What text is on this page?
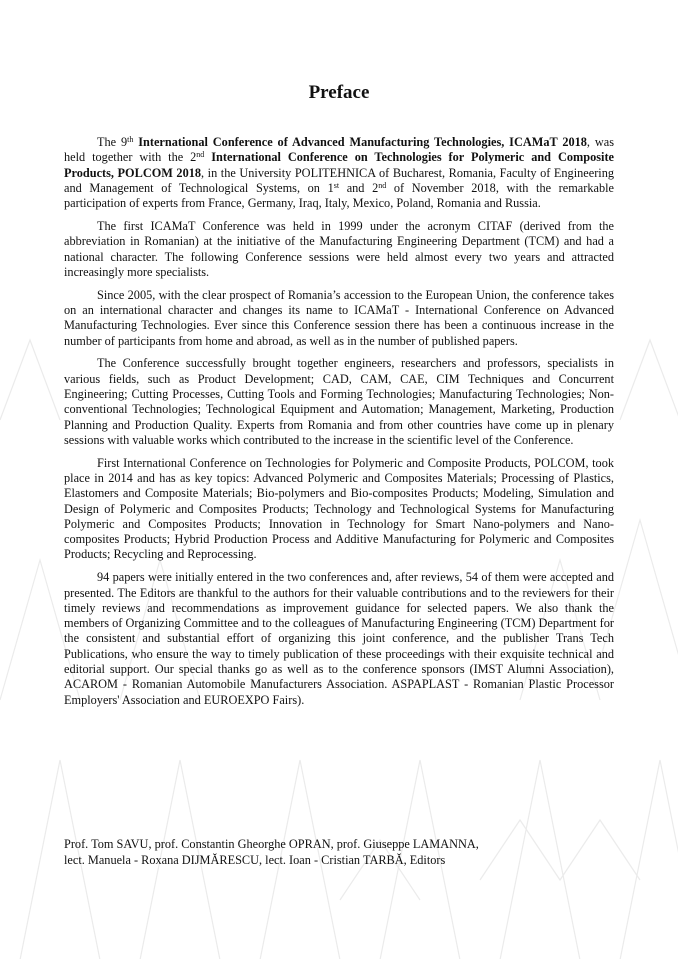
Preface

The 9th International Conference of Advanced Manufacturing Technologies, ICAMaT 2018, was held together with the 2nd International Conference on Technologies for Polymeric and Composite Products, POLCOM 2018, in the University POLITEHNICA of Bucharest, Romania, Faculty of Engineering and Management of Technological Systems, on 1st and 2nd of November 2018, with the remarkable participation of experts from France, Germany, Iraq, Italy, Mexico, Poland, Romania and Russia.

The first ICAMaT Conference was held in 1999 under the acronym CITAF (derived from the abbreviation in Romanian) at the initiative of the Manufacturing Engineering Department (TCM) and had a national character. The following Conference sessions were held almost every two years and attracted increasingly more specialists.

Since 2005, with the clear prospect of Romania’s accession to the European Union, the conference takes on an international character and changes its name to ICAMaT - International Conference on Advanced Manufacturing Technologies. Ever since this Conference session there has been a continuous increase in the number of participants from home and abroad, as well as in the number of published papers.

The Conference successfully brought together engineers, researchers and professors, specialists in various fields, such as Product Development; CAD, CAM, CAE, CIM Techniques and Concurrent Engineering; Cutting Processes, Cutting Tools and Forming Technologies; Manufacturing Technologies; Non-conventional Technologies; Technological Equipment and Automation; Management, Marketing, Production Planning and Production Quality. Experts from Romania and from other countries have come up in plenary sessions with valuable works which contributed to the increase in the scientific level of the Conference.

First International Conference on Technologies for Polymeric and Composite Products, POLCOM, took place in 2014 and has as key topics: Advanced Polymeric and Composites Materials; Processing of Plastics, Elastomers and Composite Materials; Bio-polymers and Bio-composites Products; Modeling, Simulation and Design of Polymeric and Composites Products; Technology and Technological Systems for Manufacturing Polymeric and Composites Products; Innovation in Technology for Smart Nano-polymers and Nano-composites Products; Hybrid Production Process and Additive Manufacturing for Polymeric and Composites Products; Recycling and Reprocessing.

94 papers were initially entered in the two conferences and, after reviews, 54 of them were accepted and presented. The Editors are thankful to the authors for their valuable contributions and to the reviewers for their timely reviews and recommendations as improvement guidance for selected papers. We also thank the members of Organizing Committee and to the colleagues of Manufacturing Engineering (TCM) Department for the consistent and substantial effort of organizing this joint conference, and the publisher Trans Tech Publications, who ensure the way to timely publication of these proceedings with their exquisite technical and editorial support. Our special thanks go as well as to the conference sponsors (IMST Alumni Association), ACAROM - Romanian Automobile Manufacturers Association. ASPAPLAST - Romanian Plastic Processor Employers' Association and EUROEXPO Fairs).

Prof. Tom SAVU, prof. Constantin Gheorghe OPRAN, prof. Giuseppe LAMANNA,
lect. Manuela - Roxana DIJMĂRESCU, lect. Ioan - Cristian TARBĂ, Editors
